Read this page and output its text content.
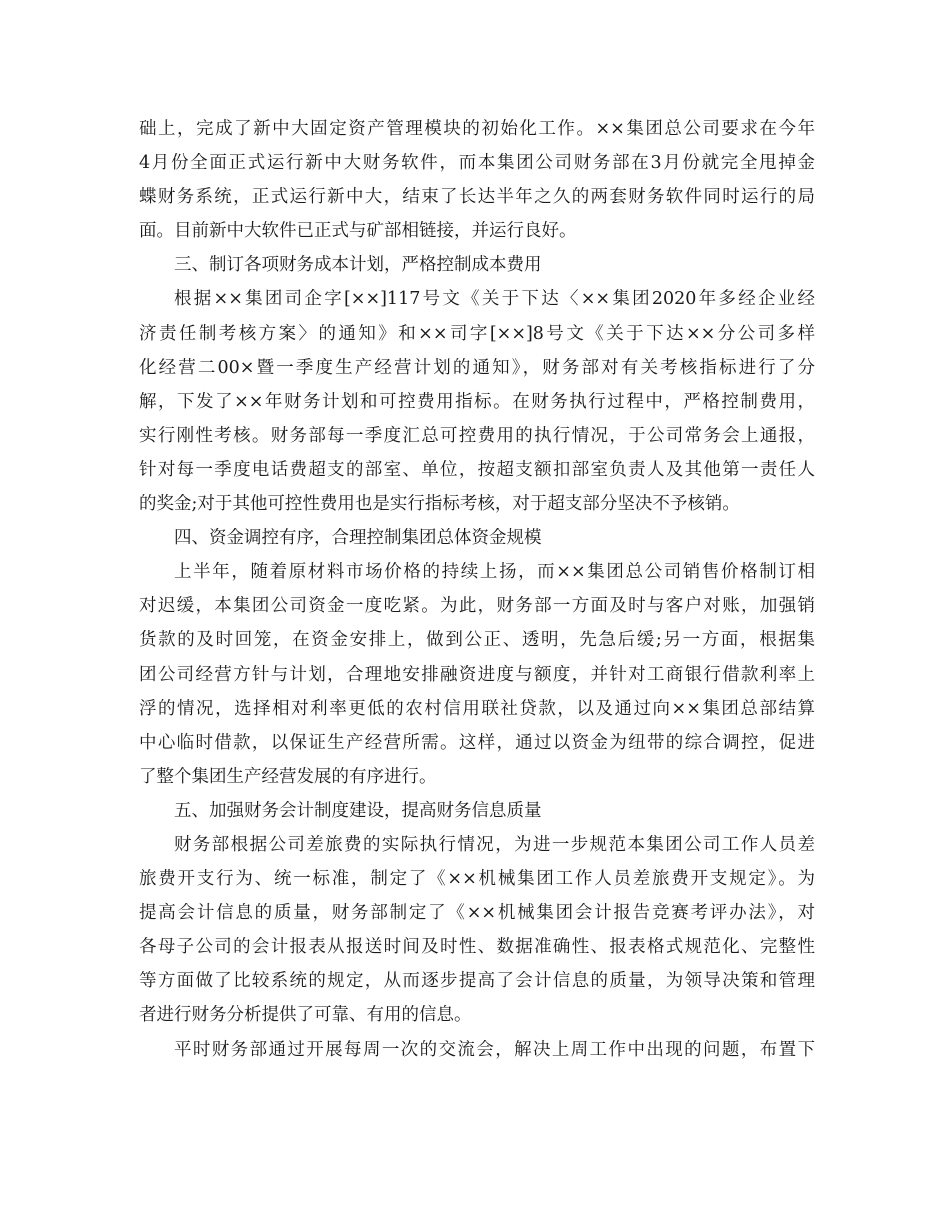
础上，完成了新中大固定资产管理模块的初始化工作。××集团总公司要求在今年
4月份全面正式运行新中大财务软件，而本集团公司财务部在3月份就完全甩掉金
蝶财务系统，正式运行新中大，结束了长达半年之久的两套财务软件同时运行的局
面。目前新中大软件已正式与矿部相链接，并运行良好。
三、制订各项财务成本计划，严格控制成本费用
根据××集团司企字[××]117号文《关于下达〈××集团2020年多经企业经
济责任制考核方案〉的通知》和××司字[××]8号文《关于下达××分公司多样
化经营二00×暨一季度生产经营计划的通知》，财务部对有关考核指标进行了分
解，下发了××年财务计划和可控费用指标。在财务执行过程中，严格控制费用，
实行刚性考核。财务部每一季度汇总可控费用的执行情况，于公司常务会上通报，
针对每一季度电话费超支的部室、单位，按超支额扣部室负责人及其他第一责任人
的奖金;对于其他可控性费用也是实行指标考核，对于超支部分坚决不予核销。
四、资金调控有序，合理控制集团总体资金规模
上半年，随着原材料市场价格的持续上扬，而××集团总公司销售价格制订相
对迟缓，本集团公司资金一度吃紧。为此，财务部一方面及时与客户对账，加强销
货款的及时回笼，在资金安排上，做到公正、透明，先急后缓;另一方面，根据集
团公司经营方针与计划，合理地安排融资进度与额度，并针对工商银行借款利率上
浮的情况，选择相对利率更低的农村信用联社贷款，以及通过向××集团总部结算
中心临时借款，以保证生产经营所需。这样，通过以资金为纽带的综合调控，促进
了整个集团生产经营发展的有序进行。
五、加强财务会计制度建设，提高财务信息质量
财务部根据公司差旅费的实际执行情况，为进一步规范本集团公司工作人员差
旅费开支行为、统一标准，制定了《××机械集团工作人员差旅费开支规定》。为
提高会计信息的质量，财务部制定了《××机械集团会计报告竞赛考评办法》，对
各母子公司的会计报表从报送时间及时性、数据准确性、报表格式规范化、完整性
等方面做了比较系统的规定，从而逐步提高了会计信息的质量，为领导决策和管理
者进行财务分析提供了可靠、有用的信息。
平时财务部通过开展每周一次的交流会，解决上周工作中出现的问题，布置下
